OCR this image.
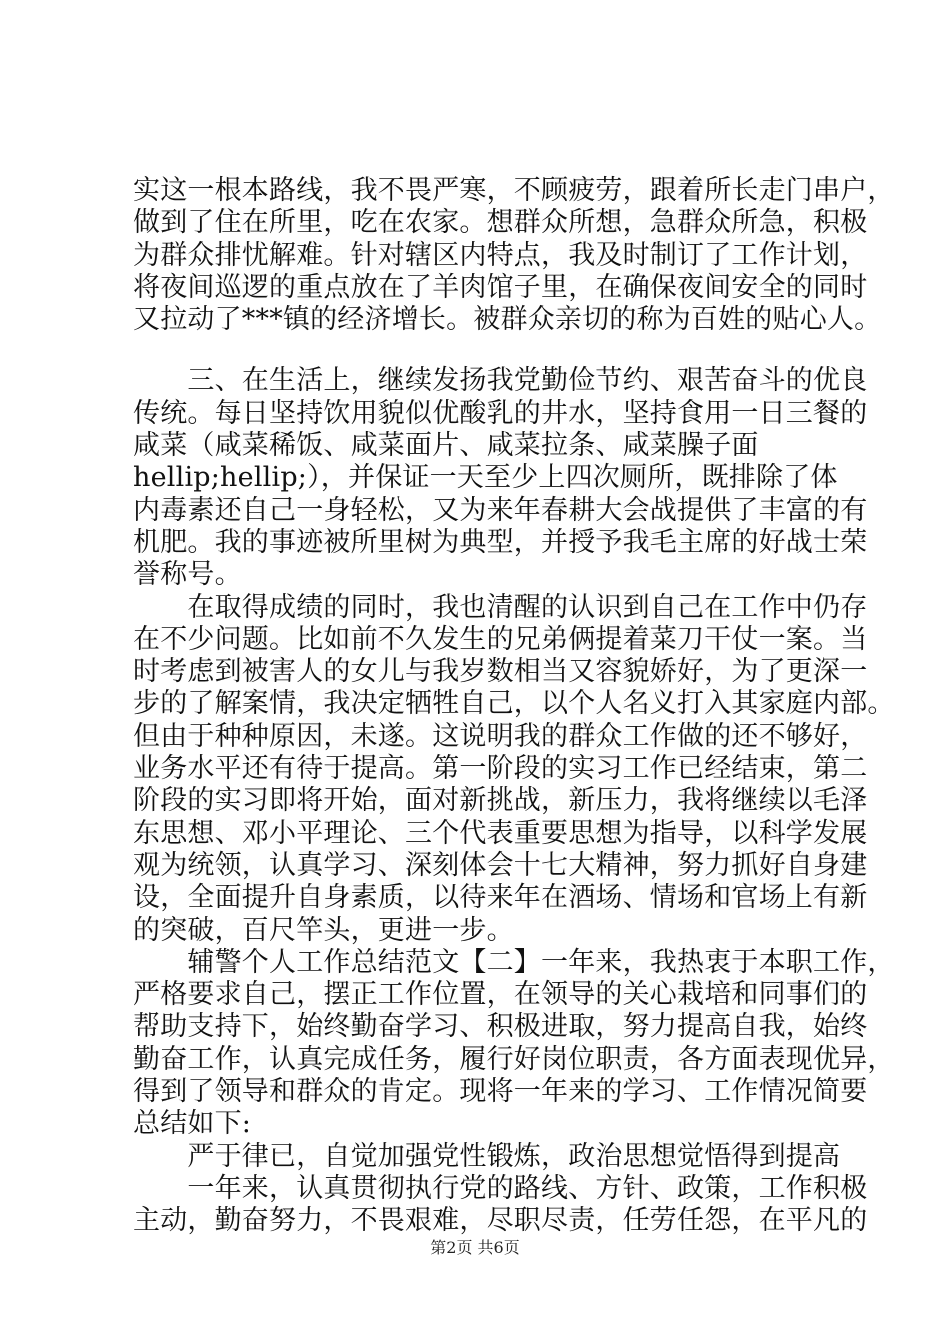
实这一根本路线，我不畏严寒，不顾疲劳，跟着所长走门串户，
做到了住在所里，吃在农家。想群众所想，急群众所急，积极
为群众排忧解难。针对辖区内特点，我及时制订了工作计划，
将夜间巡逻的重点放在了羊肉馆子里，在确保夜间安全的同时
又拉动了***镇的经济增长。被群众亲切的称为百姓的贴心人。
　　三、在生活上，继续发扬我党勤俭节约、艰苦奋斗的优良
传统。每日坚持饮用貌似优酸乳的井水，坚持食用一日三餐的
咸菜（咸菜稀饭、咸菜面片、咸菜拉条、咸菜臊子面
hellip;hellip;），并保证一天至少上四次厕所，既排除了体
内毒素还自己一身轻松，又为来年春耕大会战提供了丰富的有
机肥。我的事迹被所里树为典型，并授予我毛主席的好战士荣
誉称号。
　　在取得成绩的同时，我也清醒的认识到自己在工作中仍存
在不少问题。比如前不久发生的兄弟俩提着菜刀干仗一案。当
时考虑到被害人的女儿与我岁数相当又容貌娇好，为了更深一
步的了解案情，我决定牺牲自己，以个人名义打入其家庭内部。
但由于种种原因，未遂。这说明我的群众工作做的还不够好，
业务水平还有待于提高。第一阶段的实习工作已经结束，第二
阶段的实习即将开始，面对新挑战，新压力，我将继续以毛泽
东思想、邓小平理论、三个代表重要思想为指导，以科学发展
观为统领，认真学习、深刻体会十七大精神，努力抓好自身建
设，全面提升自身素质，以待来年在酒场、情场和官场上有新
的突破，百尺竿头，更进一步。
　　辅警个人工作总结范文【二】一年来，我热衷于本职工作，
严格要求自己，摆正工作位置，在领导的关心栽培和同事们的
帮助支持下，始终勤奋学习、积极进取，努力提高自我，始终
勤奋工作，认真完成任务，履行好岗位职责，各方面表现优异，
得到了领导和群众的肯定。现将一年来的学习、工作情况简要
总结如下:
　　严于律已，自觉加强党性锻炼，政治思想觉悟得到提高
　　一年来，认真贯彻执行党的路线、方针、政策，工作积极
主动，勤奋努力，不畏艰难，尽职尽责，任劳任怨，在平凡的
第2页 共6页
